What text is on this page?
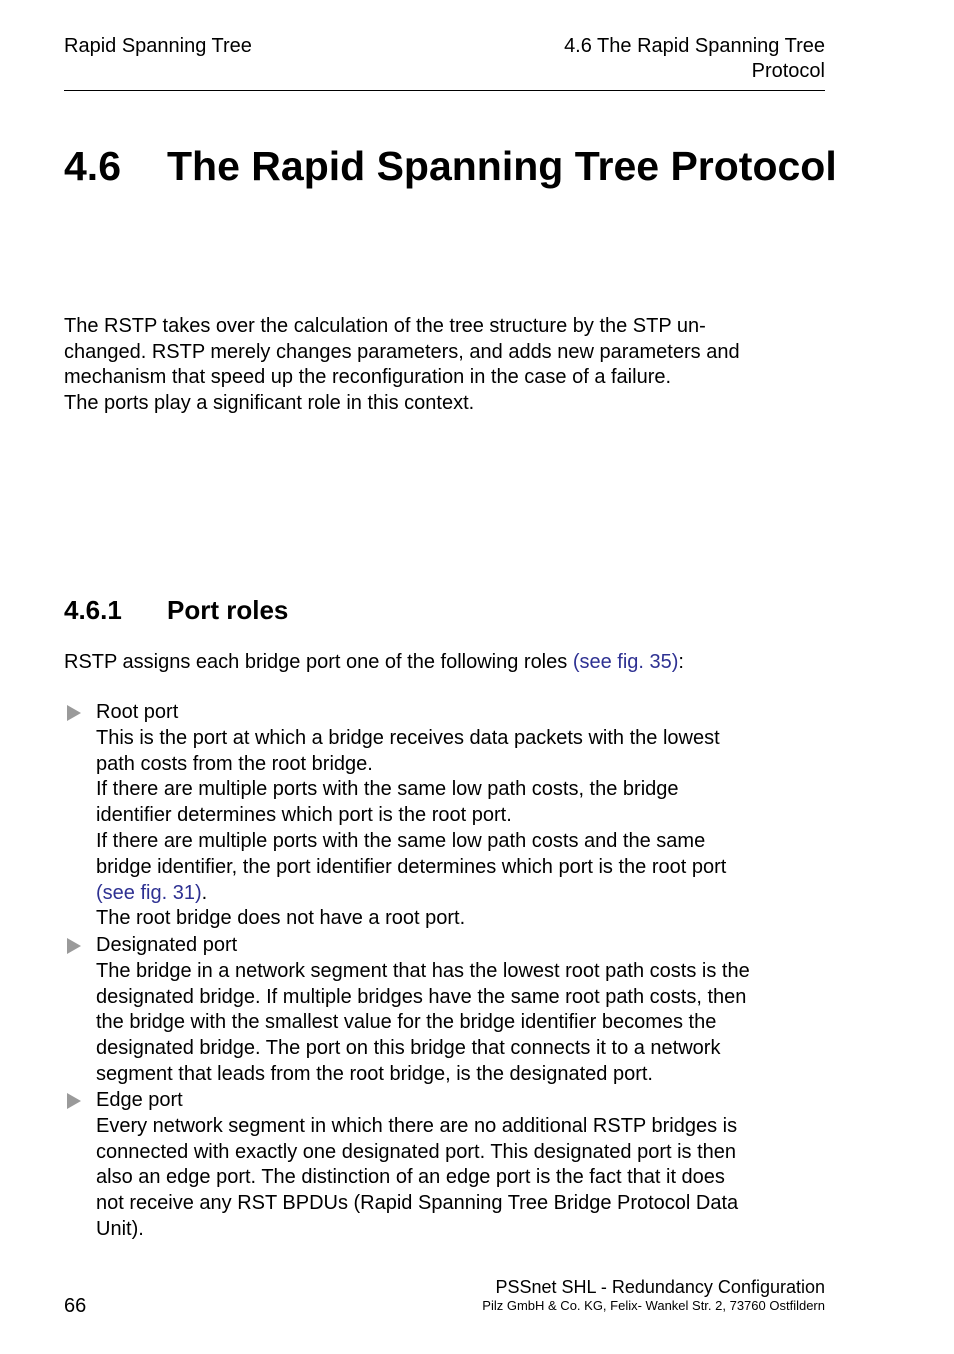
Rapid Spanning Tree	4.6 The Rapid Spanning Tree
Protocol
4.6 The Rapid Spanning Tree Protocol
The RSTP takes over the calculation of the tree structure by the STP un-
changed. RSTP merely changes parameters, and adds new parameters and
mechanism that speed up the reconfiguration in the case of a failure.
The ports play a significant role in this context.
4.6.1 Port roles
RSTP assigns each bridge port one of the following roles (see fig. 35):

Root port

This is the port at which a bridge receives data packets with the lowest

path costs from the root bridge.

If there are multiple ports with the same low path costs, the bridge

identifier determines which port is the root port.

If there are multiple ports with the same low path costs and the same

bridge identifier, the port identifier determines which port is the root port

(see fig. 31).

The root bridge does not have a root port.

Designated port

The bridge in a network segment that has the lowest root path costs is the

designated bridge. If multiple bridges have the same root path costs, then

the bridge with the smallest value for the bridge identifier becomes the

designated bridge. The port on this bridge that connects it to a network

segment that leads from the root bridge, is the designated port.

Edge port

Every network segment in which there are no additional RSTP bridges is

connected with exactly one designated port. This designated port is then

also an edge port. The distinction of an edge port is the fact that it does

not receive any RST BPDUs (Rapid Spanning Tree Bridge Protocol Data

Unit).

66
PSSnet SHL - Redundancy Configuration
Pilz GmbH & Co. KG, Felix- Wankel Str. 2, 73760 Ostfildern
